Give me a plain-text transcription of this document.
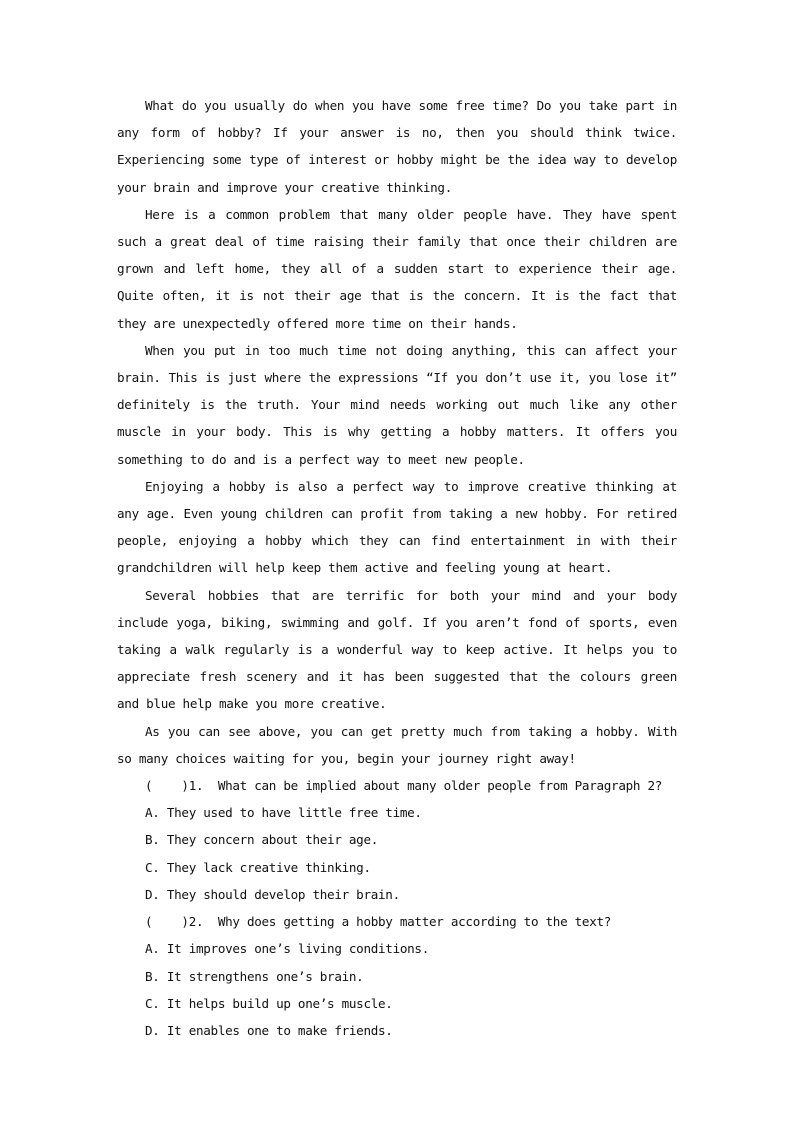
What do you usually do when you have some free time? Do you take part in any form of hobby? If your answer is no, then you should think twice. Experiencing some type of interest or hobby might be the idea way to develop your brain and improve your creative thinking.

Here is a common problem that many older people have. They have spent such a great deal of time raising their family that once their children are grown and left home, they all of a sudden start to experience their age. Quite often, it is not their age that is the concern. It is the fact that they are unexpectedly offered more time on their hands.

When you put in too much time not doing anything, this can affect your brain. This is just where the expressions “If you don’t use it, you lose it” definitely is the truth. Your mind needs working out much like any other muscle in your body. This is why getting a hobby matters. It offers you something to do and is a perfect way to meet new people.

Enjoying a hobby is also a perfect way to improve creative thinking at any age. Even young children can profit from taking a new hobby. For retired people, enjoying a hobby which they can find entertainment in with their grandchildren will help keep them active and feeling young at heart.

Several hobbies that are terrific for both your mind and your body include yoga, biking, swimming and golf. If you aren’t fond of sports, even taking a walk regularly is a wonderful way to keep active. It helps you to appreciate fresh scenery and it has been suggested that the colours green and blue help make you more creative.

As you can see above, you can get pretty much from taking a hobby. With so many choices waiting for you, begin your journey right away!

(    )1.  What can be implied about many older people from Paragraph 2?

A. They used to have little free time.

B. They concern about their age.

C. They lack creative thinking.

D. They should develop their brain.

(    )2.  Why does getting a hobby matter according to the text?

A. It improves one’s living conditions.

B. It strengthens one’s brain.

C. It helps build up one’s muscle.

D. It enables one to make friends.
